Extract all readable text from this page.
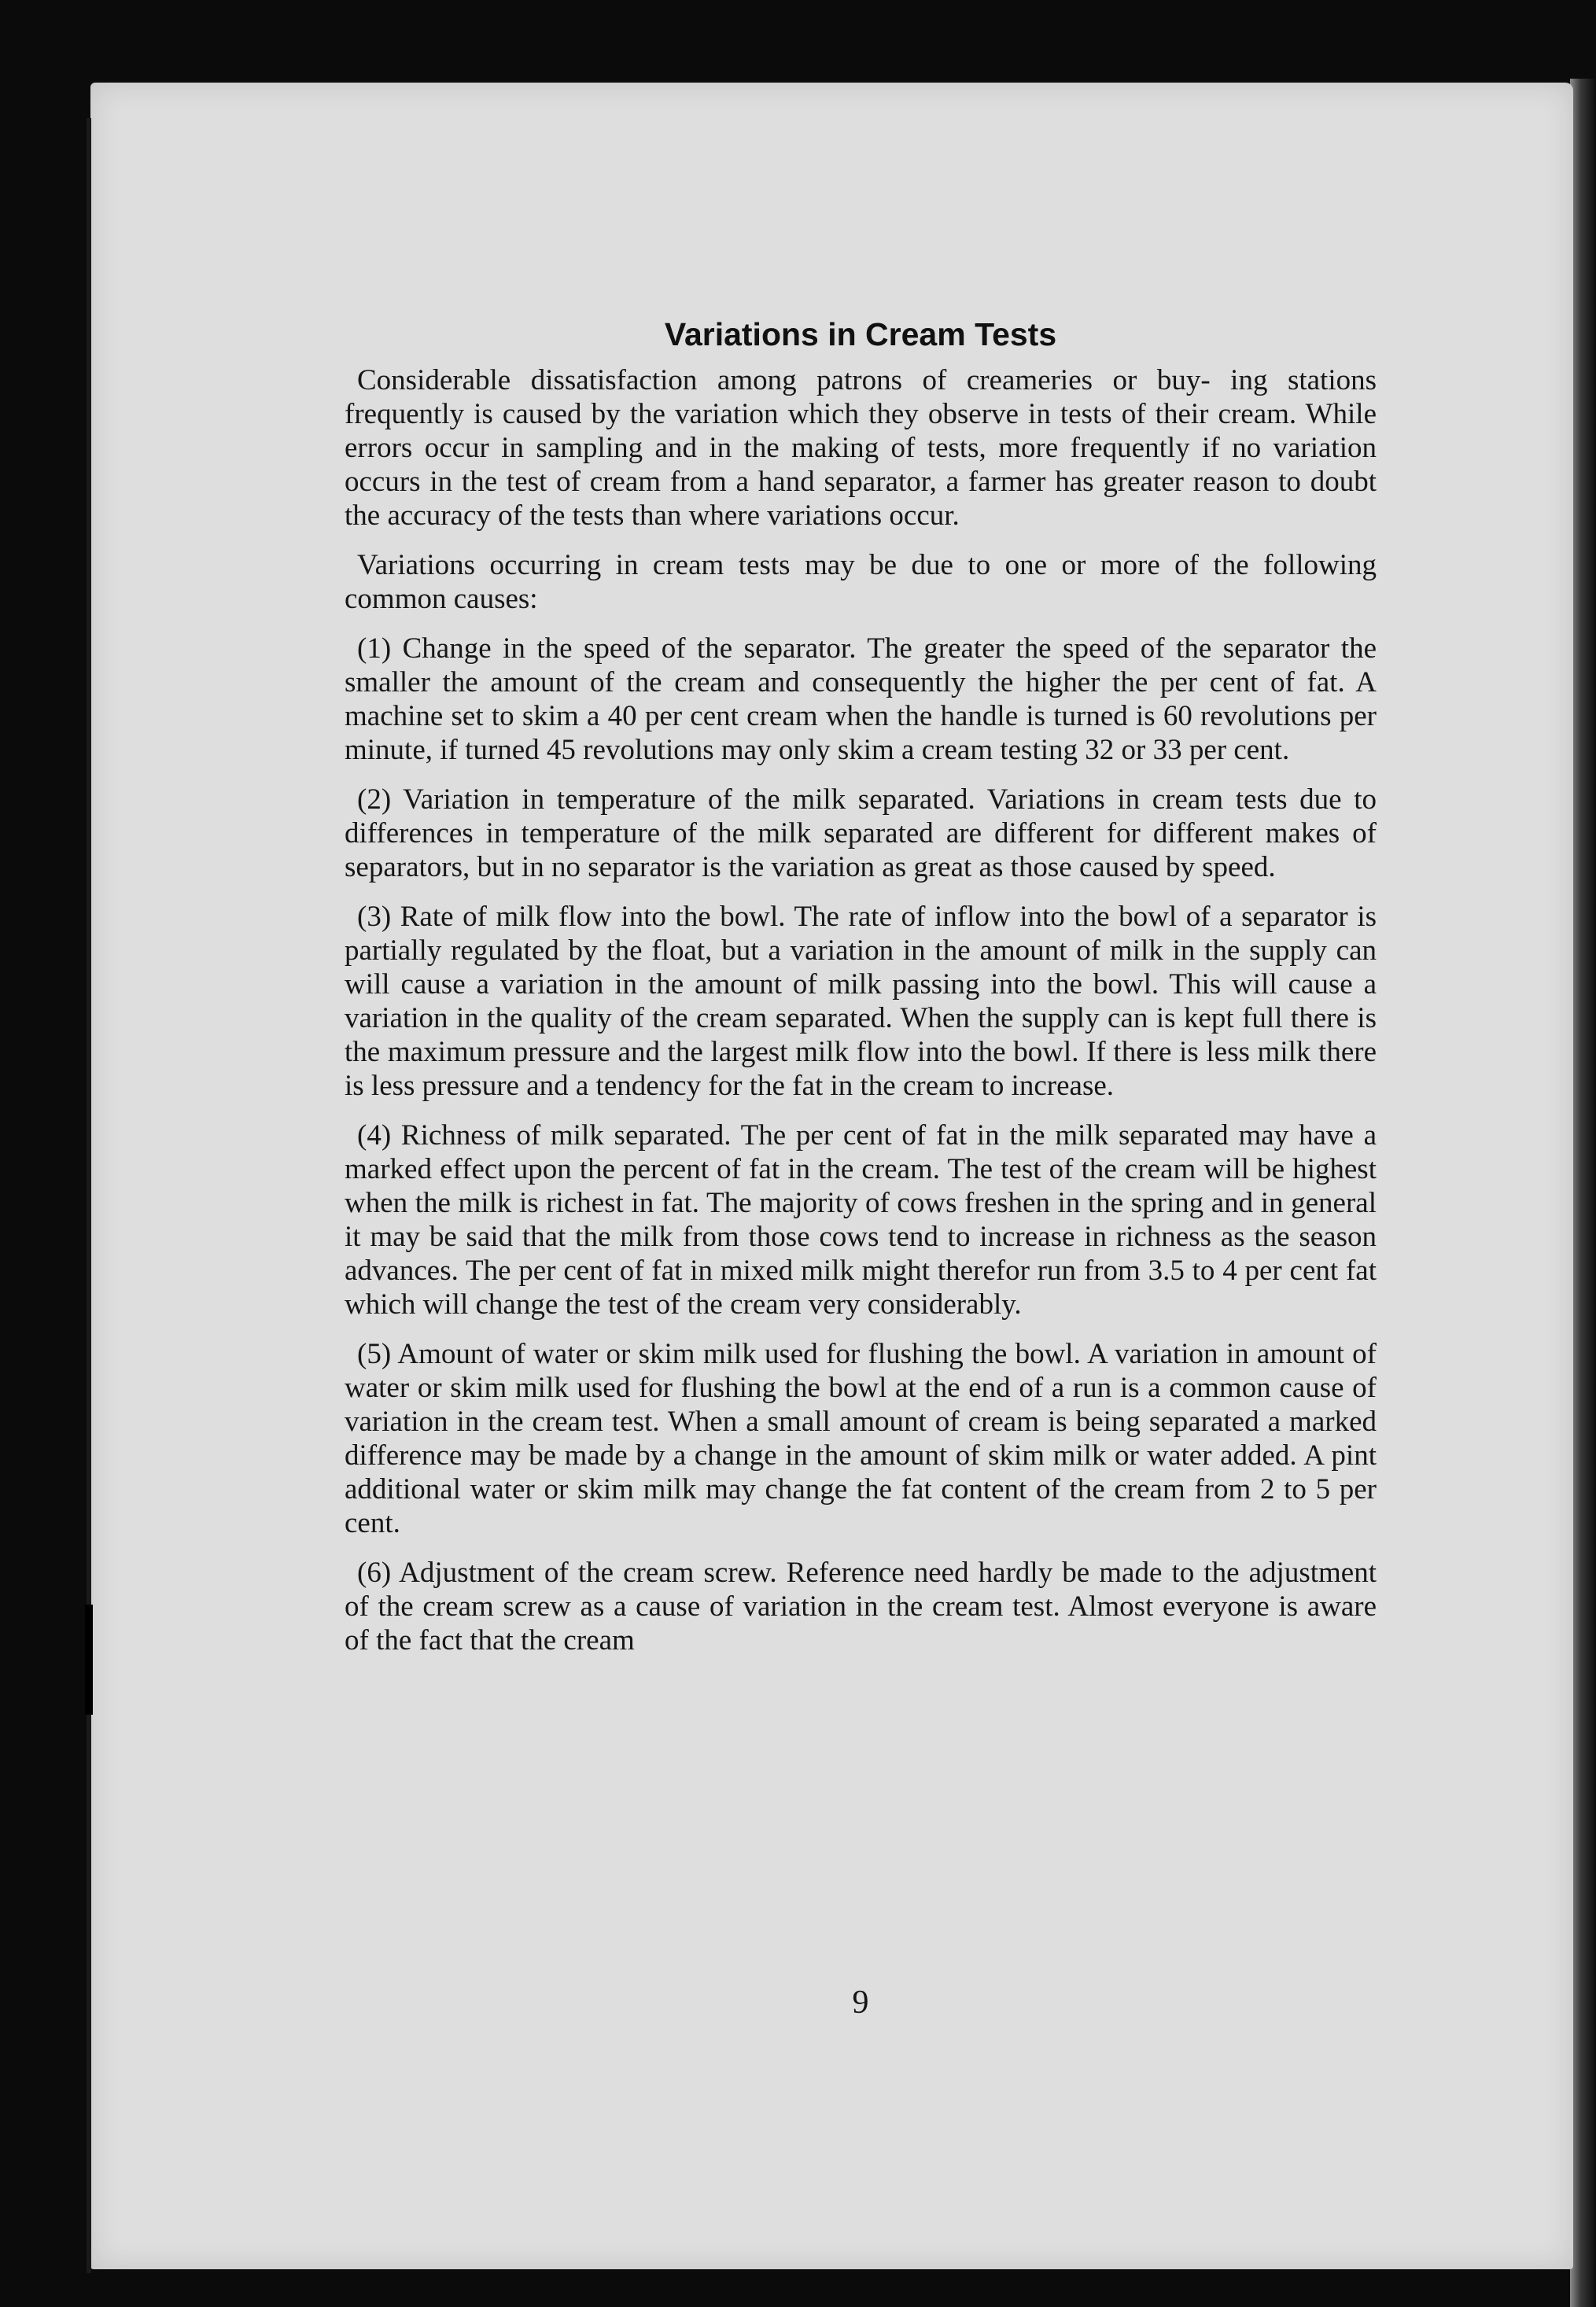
Variations in Cream Tests

Considerable dissatisfaction among patrons of creameries or buy- ing stations frequently is caused by the variation which they observe in tests of their cream. While errors occur in sampling and in the making of tests, more frequently if no variation occurs in the test of cream from a hand separator, a farmer has greater reason to doubt the accuracy of the tests than where variations occur.

Variations occurring in cream tests may be due to one or more of the following common causes:

(1) Change in the speed of the separator. The greater the speed of the separator the smaller the amount of the cream and consequently the higher the per cent of fat. A machine set to skim a 40 per cent cream when the handle is turned is 60 revolutions per minute, if turned 45 revolutions may only skim a cream testing 32 or 33 per cent.

(2) Variation in temperature of the milk separated. Variations in cream tests due to differences in temperature of the milk separated are different for different makes of separators, but in no separator is the variation as great as those caused by speed.

(3) Rate of milk flow into the bowl. The rate of inflow into the bowl of a separator is partially regulated by the float, but a variation in the amount of milk in the supply can will cause a variation in the amount of milk passing into the bowl. This will cause a variation in the quality of the cream separated. When the supply can is kept full there is the maximum pressure and the largest milk flow into the bowl. If there is less milk there is less pressure and a tendency for the fat in the cream to increase.

(4) Richness of milk separated. The per cent of fat in the milk separated may have a marked effect upon the percent of fat in the cream. The test of the cream will be highest when the milk is richest in fat. The majority of cows freshen in the spring and in general it may be said that the milk from those cows tend to increase in richness as the season advances. The per cent of fat in mixed milk might therefor run from 3.5 to 4 per cent fat which will change the test of the cream very considerably.

(5) Amount of water or skim milk used for flushing the bowl. A variation in amount of water or skim milk used for flushing the bowl at the end of a run is a common cause of variation in the cream test. When a small amount of cream is being separated a marked difference may be made by a change in the amount of skim milk or water added. A pint additional water or skim milk may change the fat content of the cream from 2 to 5 per cent.

(6) Adjustment of the cream screw. Reference need hardly be made to the adjustment of the cream screw as a cause of variation in the cream test. Almost everyone is aware of the fact that the cream

9
